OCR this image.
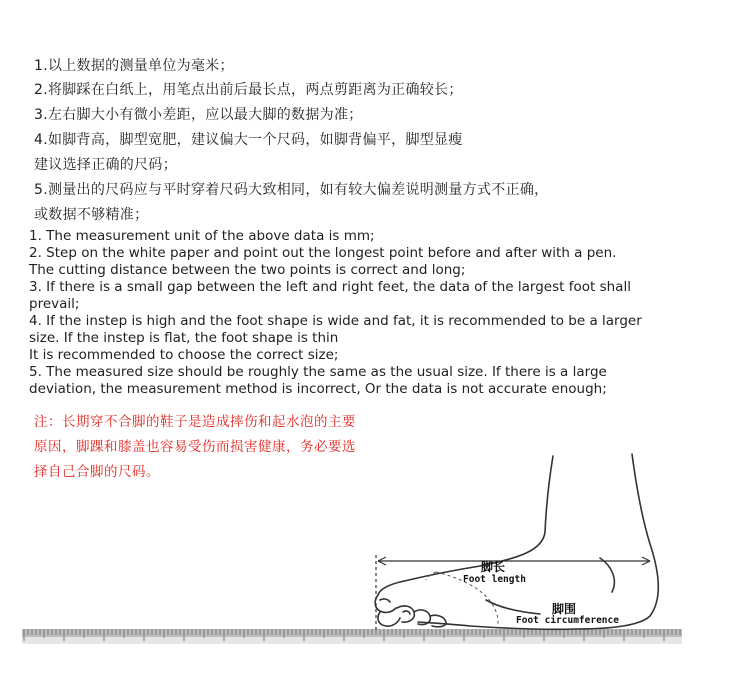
1.以上数据的测量单位为毫米；
2.将脚踩在白纸上，用笔点出前后最长点，两点剪距离为正确较长；
3.左右脚大小有微小差距，应以最大脚的数据为准；
4.如脚背高，脚型宽肥，建议偏大一个尺码，如脚背偏平，脚型显瘦
建议选择正确的尺码；
5.测量出的尺码应与平时穿着尺码大致相同，如有较大偏差说明测量方式不正确，
或数据不够精准；
1. The measurement unit of the above data is mm;
2. Step on the white paper and point out the longest point before and after with a pen.
The cutting distance between the two points is correct and long;
3. If there is a small gap between the left and right feet, the data of the largest foot shall
prevail;
4. If the instep is high and the foot shape is wide and fat, it is recommended to be a larger
size. If the instep is flat, the foot shape is thin
It is recommended to choose the correct size;
5. The measured size should be roughly the same as the usual size. If there is a large
deviation, the measurement method is incorrect, Or the data is not accurate enough;
注：长期穿不合脚的鞋子是造成摔伤和起水泡的主要
原因，脚踝和膝盖也容易受伤而损害健康，务必要选
择自己合脚的尺码。
脚长
Foot length
脚围
Foot circumference
